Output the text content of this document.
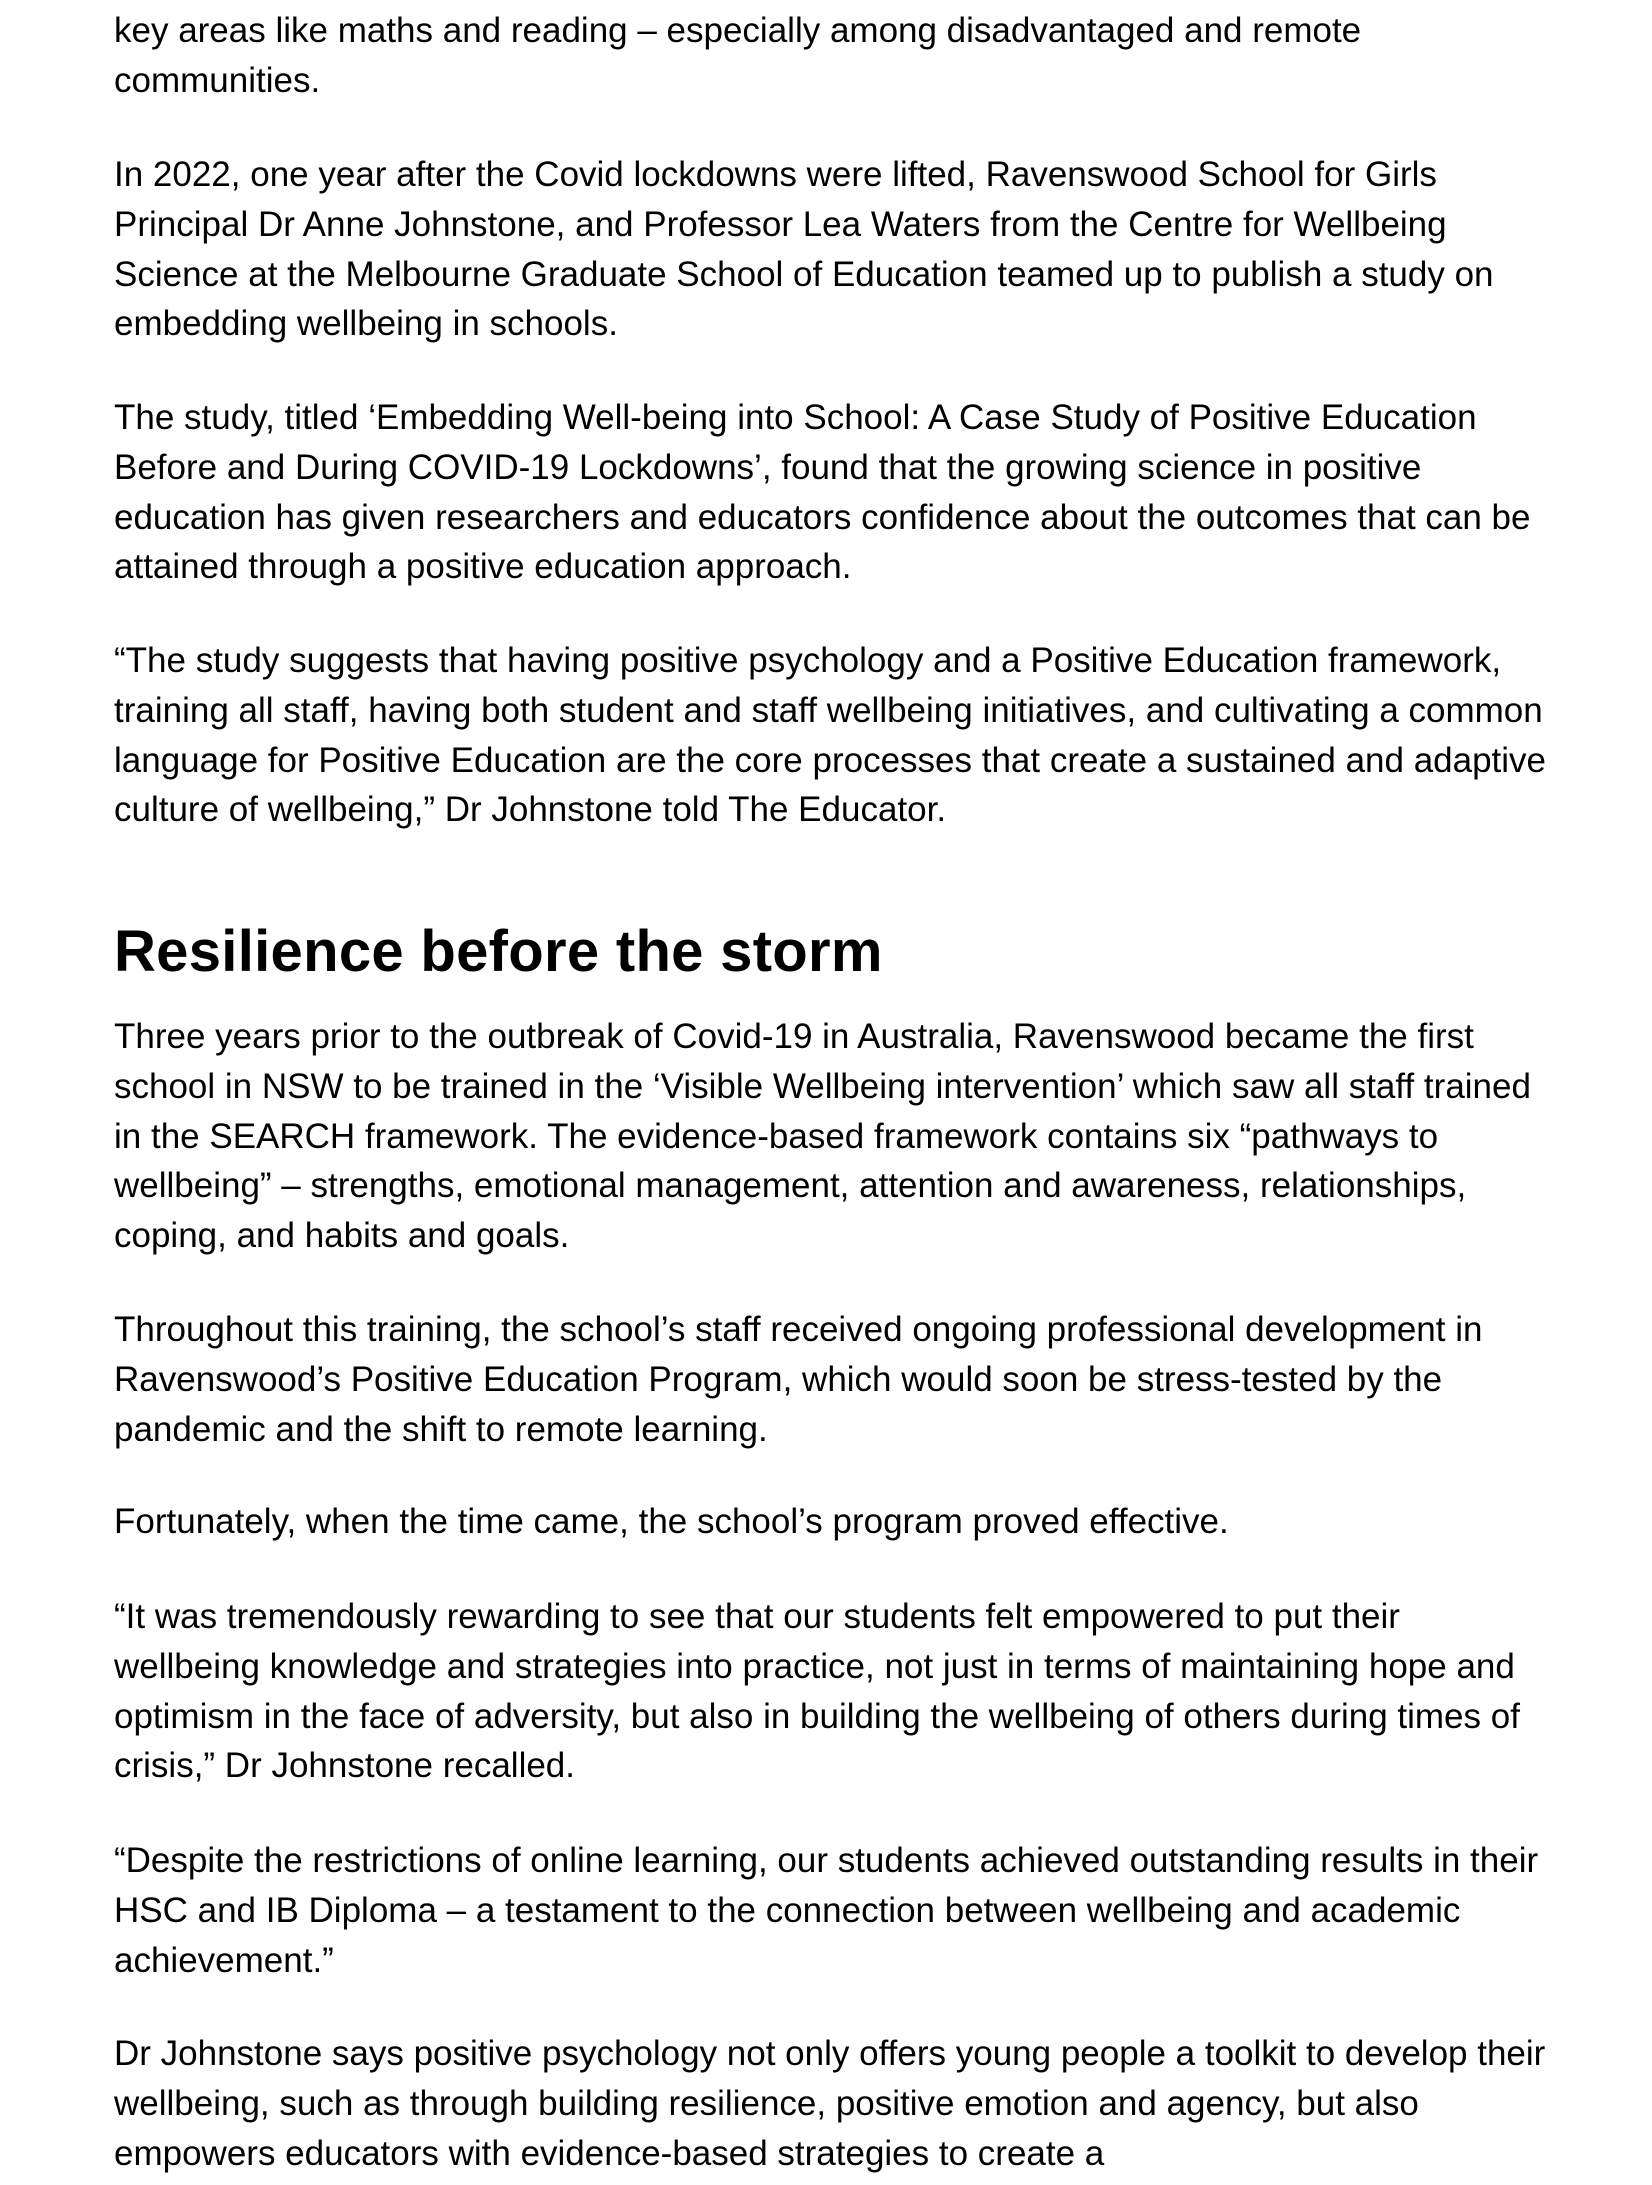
key areas like maths and reading – especially among disadvantaged and remote communities.

In 2022, one year after the Covid lockdowns were lifted, Ravenswood School for Girls Principal Dr Anne Johnstone, and Professor Lea Waters from the Centre for Wellbeing Science at the Melbourne Graduate School of Education teamed up to publish a study on embedding wellbeing in schools.

The study, titled ‘Embedding Well-being into School: A Case Study of Positive Education Before and During COVID-19 Lockdowns’, found that the growing science in positive education has given researchers and educators confidence about the outcomes that can be attained through a positive education approach.

“The study suggests that having positive psychology and a Positive Education framework, training all staff, having both student and staff wellbeing initiatives, and cultivating a common language for Positive Education are the core processes that create a sustained and adaptive culture of wellbeing,” Dr Johnstone told The Educator.

Resilience before the storm

Three years prior to the outbreak of Covid-19 in Australia, Ravenswood became the first school in NSW to be trained in the ‘Visible Wellbeing intervention’ which saw all staff trained in the SEARCH framework. The evidence-based framework contains six “pathways to wellbeing” – strengths, emotional management, attention and awareness, relationships, coping, and habits and goals.

Throughout this training, the school’s staff received ongoing professional development in Ravenswood’s Positive Education Program, which would soon be stress-tested by the pandemic and the shift to remote learning.

Fortunately, when the time came, the school’s program proved effective.

“It was tremendously rewarding to see that our students felt empowered to put their wellbeing knowledge and strategies into practice, not just in terms of maintaining hope and optimism in the face of adversity, but also in building the wellbeing of others during times of crisis,” Dr Johnstone recalled.

“Despite the restrictions of online learning, our students achieved outstanding results in their HSC and IB Diploma – a testament to the connection between wellbeing and academic achievement.”

Dr Johnstone says positive psychology not only offers young people a toolkit to develop their wellbeing, such as through building resilience, positive emotion and agency, but also empowers educators with evidence-based strategies to create a
